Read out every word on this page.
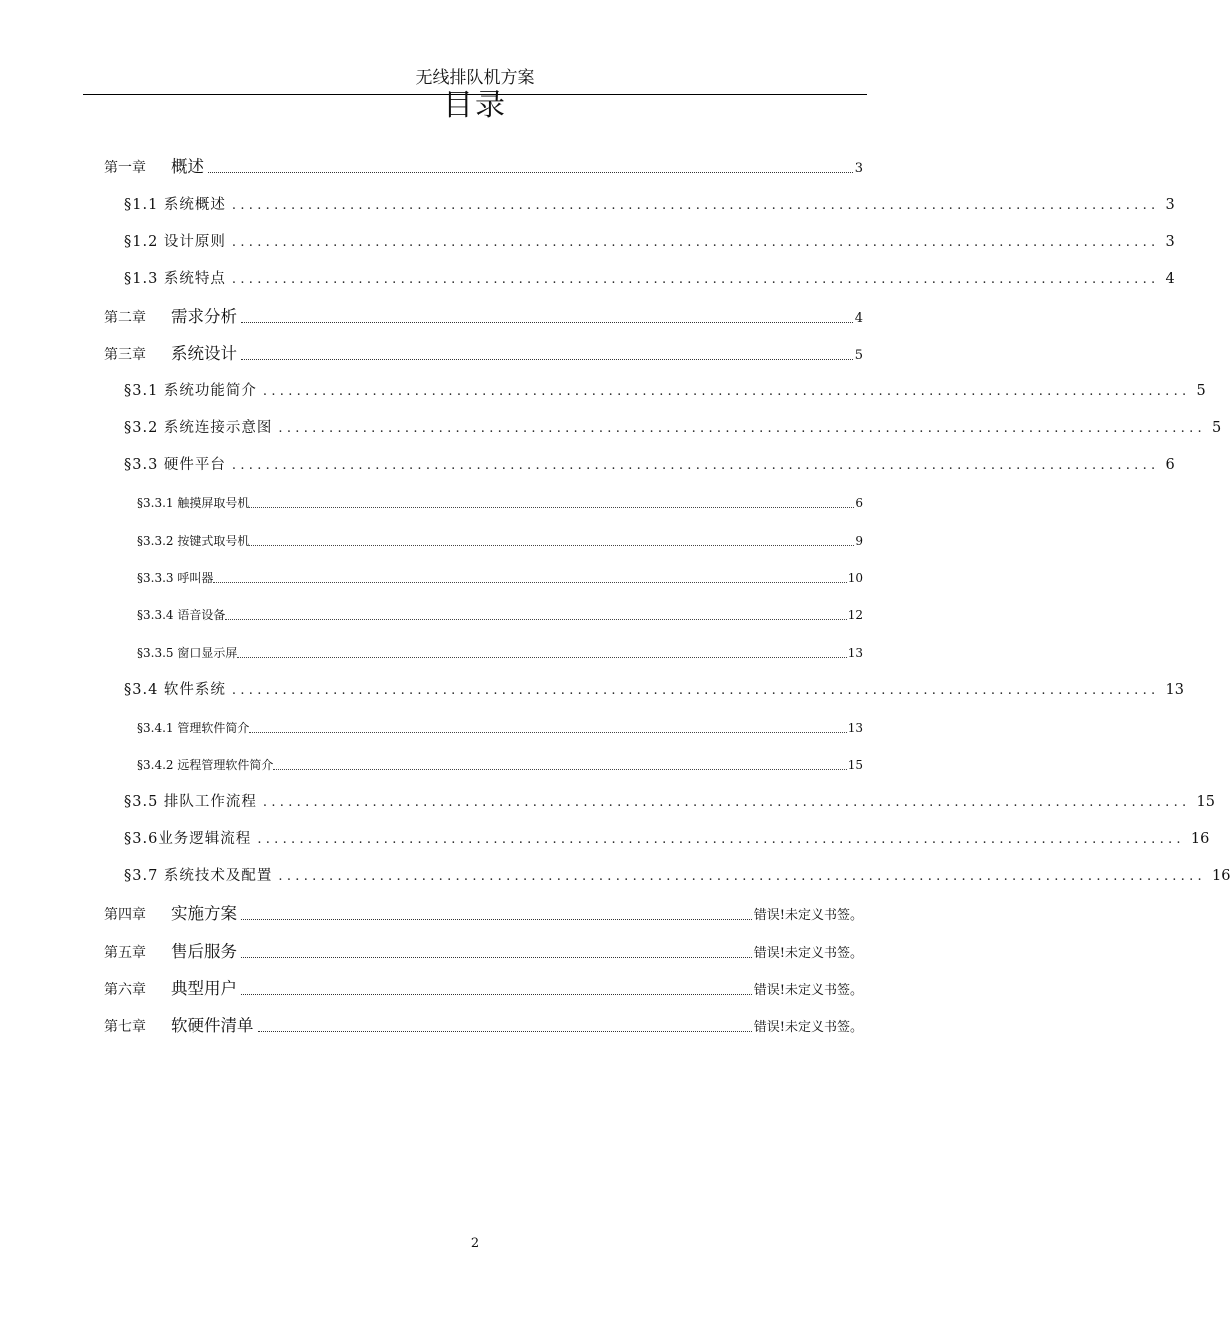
无线排队机方案
目录
第一章	概述	3
§1.1 系统概述 .............................................................................................................. 3
§1.2 设计原则 .............................................................................................................. 3
§1.3 系统特点 .............................................................................................................. 4
第二章	需求分析	4
第三章	系统设计	5
§3.1 系统功能简介 .............................................................................................................. 5
§3.2 系统连接示意图 .............................................................................................................. 5
§3.3 硬件平台 .............................................................................................................. 6
§3.3.1 触摸屏取号机	6
§3.3.2 按键式取号机	9
§3.3.3 呼叫器	10
§3.3.4 语音设备	12
§3.3.5 窗口显示屏	13
§3.4 软件系统 .............................................................................................................. 13
§3.4.1 管理软件简介	13
§3.4.2 远程管理软件简介	15
§3.5 排队工作流程 .............................................................................................................. 15
§3.6业务逻辑流程 .............................................................................................................. 16
§3.7 系统技术及配置 .............................................................................................................. 16
第四章	实施方案	错误!未定义书签。
第五章	售后服务	错误!未定义书签。
第六章	典型用户	错误!未定义书签。
第七章	软硬件清单	错误!未定义书签。
2
